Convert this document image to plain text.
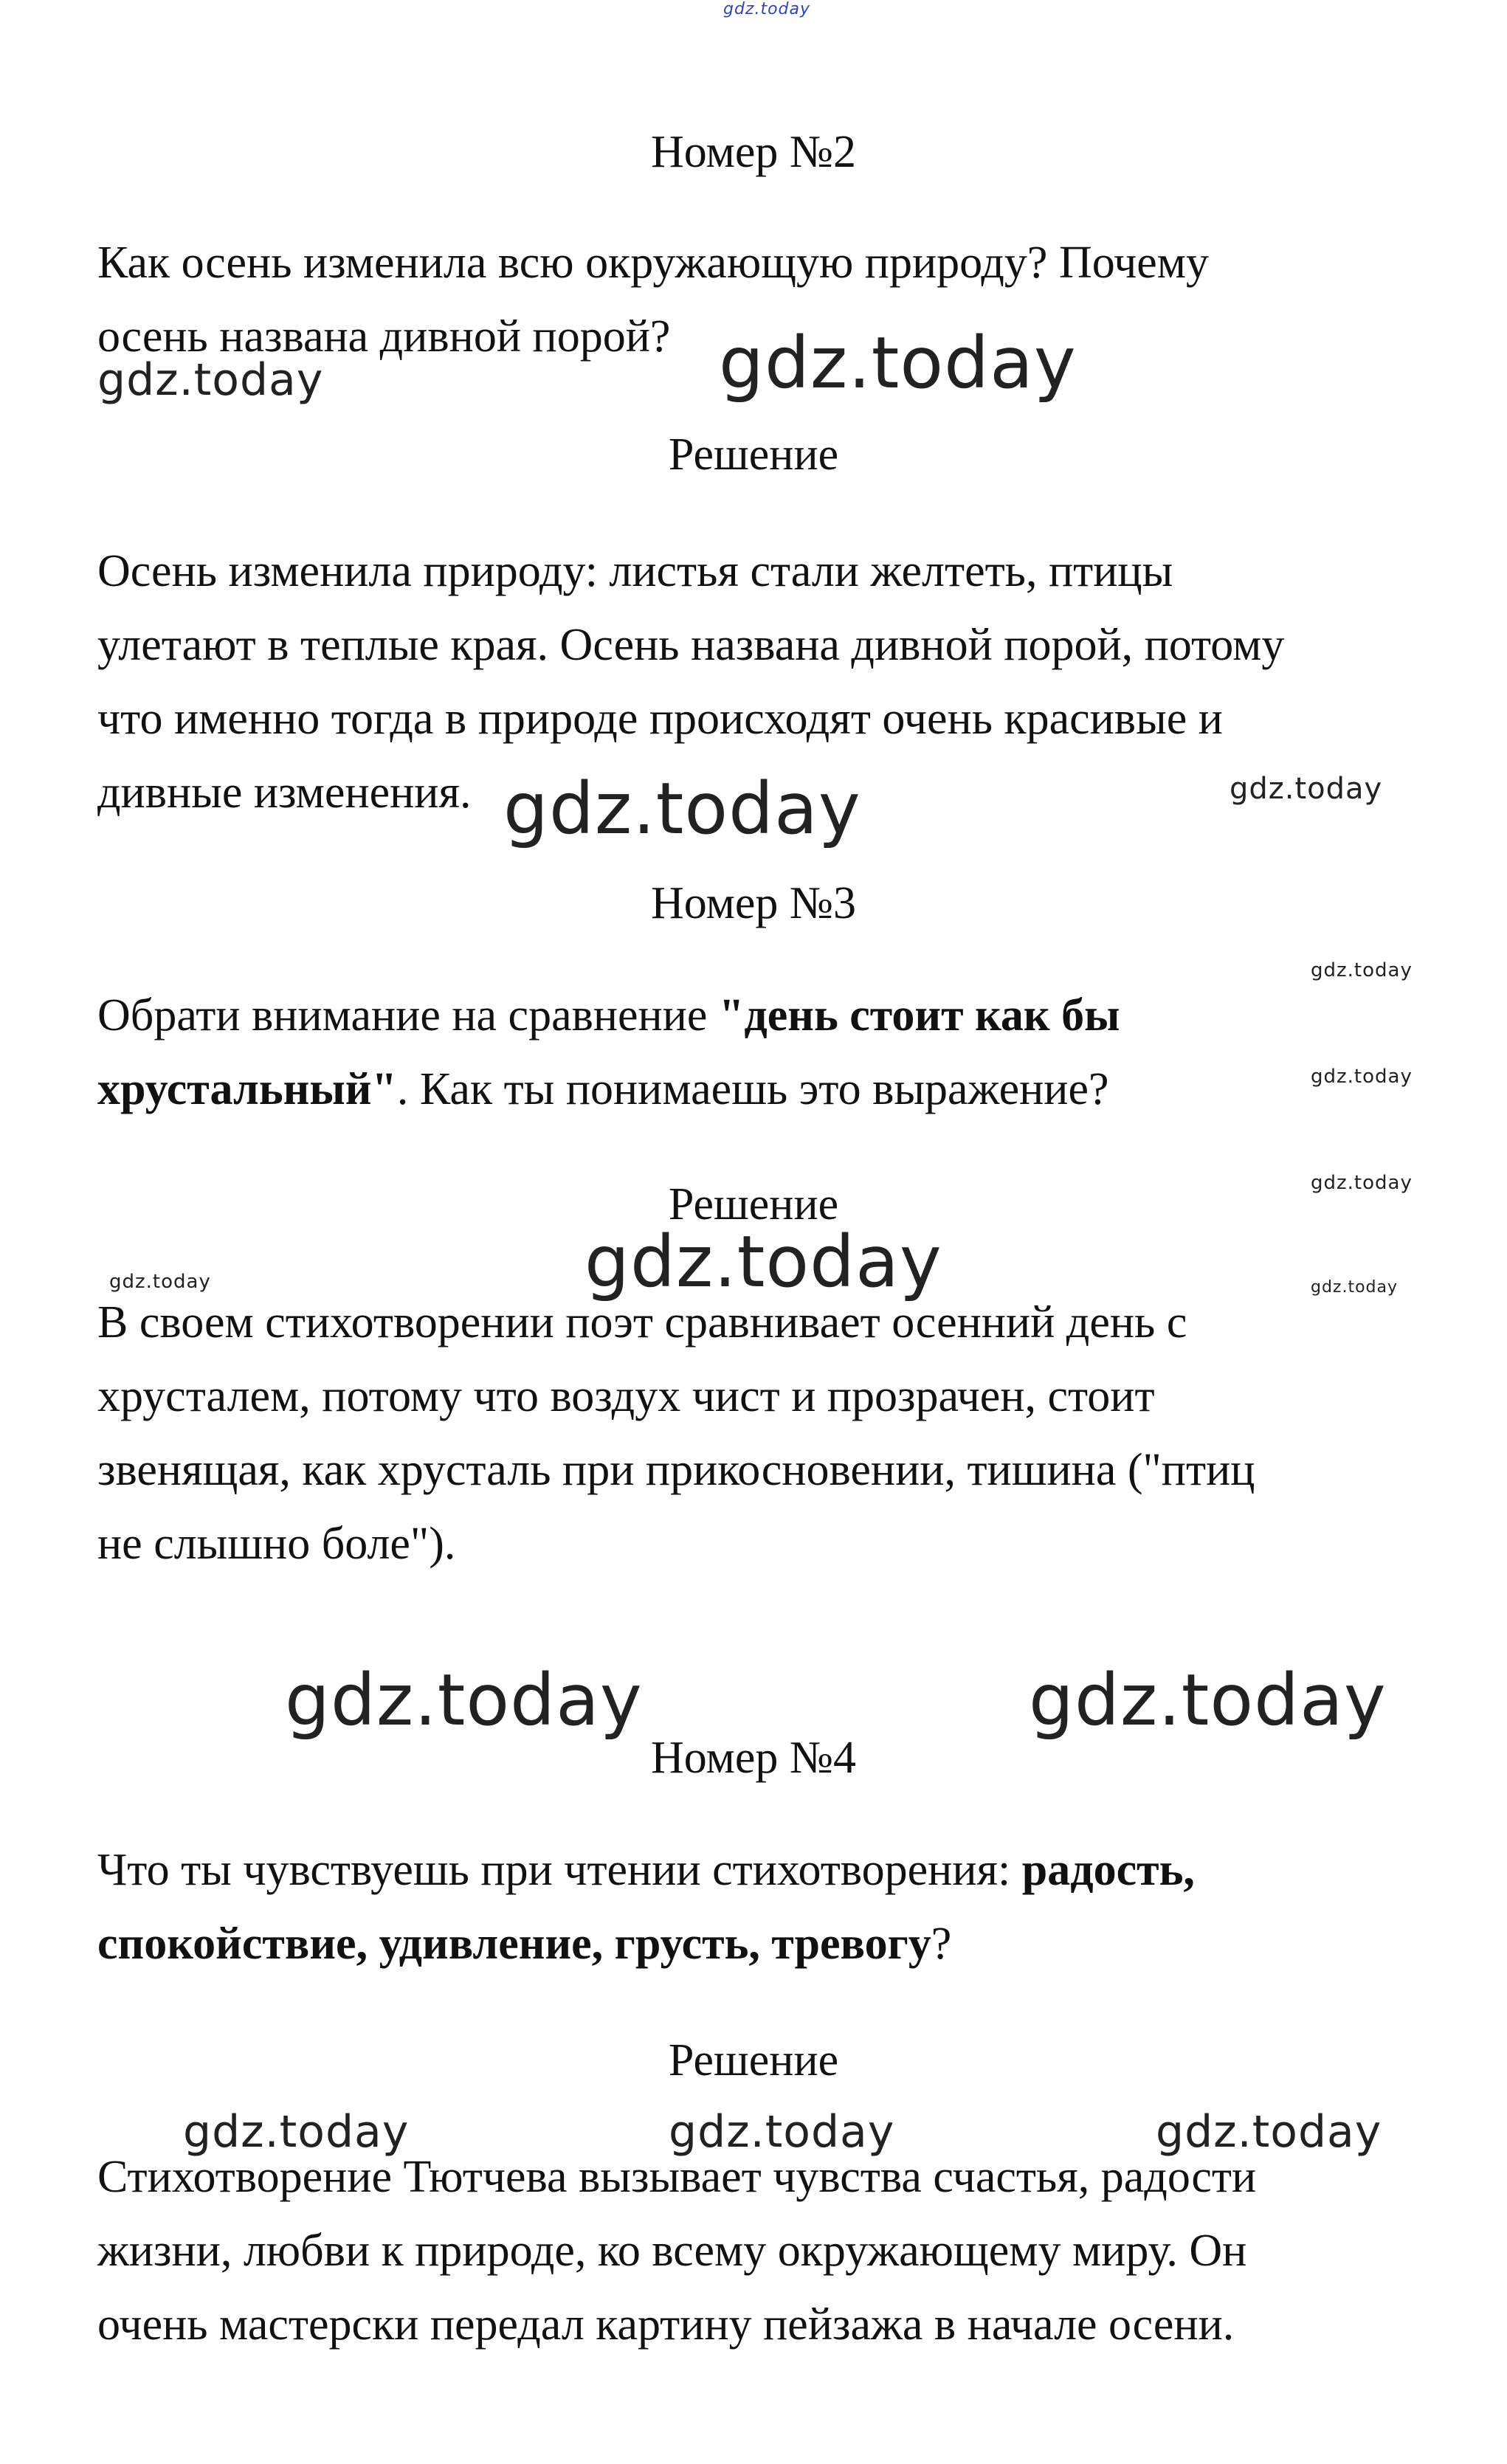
gdz.today

Номер №2

Как осень изменила всю окружающую природу? Почему

осень названа дивной порой?

gdz.today	gdz.today

Решение

Осень изменила природу: листья стали желтеть, птицы

улетают в теплые края. Осень названа дивной порой, потому

что именно тогда в природе происходят очень красивые и

дивные изменения. gdz.today	gdz.today

Номер №3

gdz.today

Обрати внимание на сравнение "день стоит как бы

gdz.today

хрустальный". Как ты понимаешь это выражение?

gdz.today

Решение

gdz.today

gdz.today	gdz.today

В своем стихотворении поэт сравнивает осенний день с

хрусталем, потому что воздух чист и прозрачен, стоит

звенящая, как хрусталь при прикосновении, тишина ("птиц

не слышно боле").

gdz.today	gdz.today

Номер №4

Что ты чувствуешь при чтении стихотворения: радость,

спокойствие, удивление, грусть, тревогу?

Решение

gdz.today	gdz.today	gdz.today

Стихотворение Тютчева вызывает чувства счастья, радости

жизни, любви к природе, ко всему окружающему миру. Он

очень мастерски передал картину пейзажа в начале осени.
